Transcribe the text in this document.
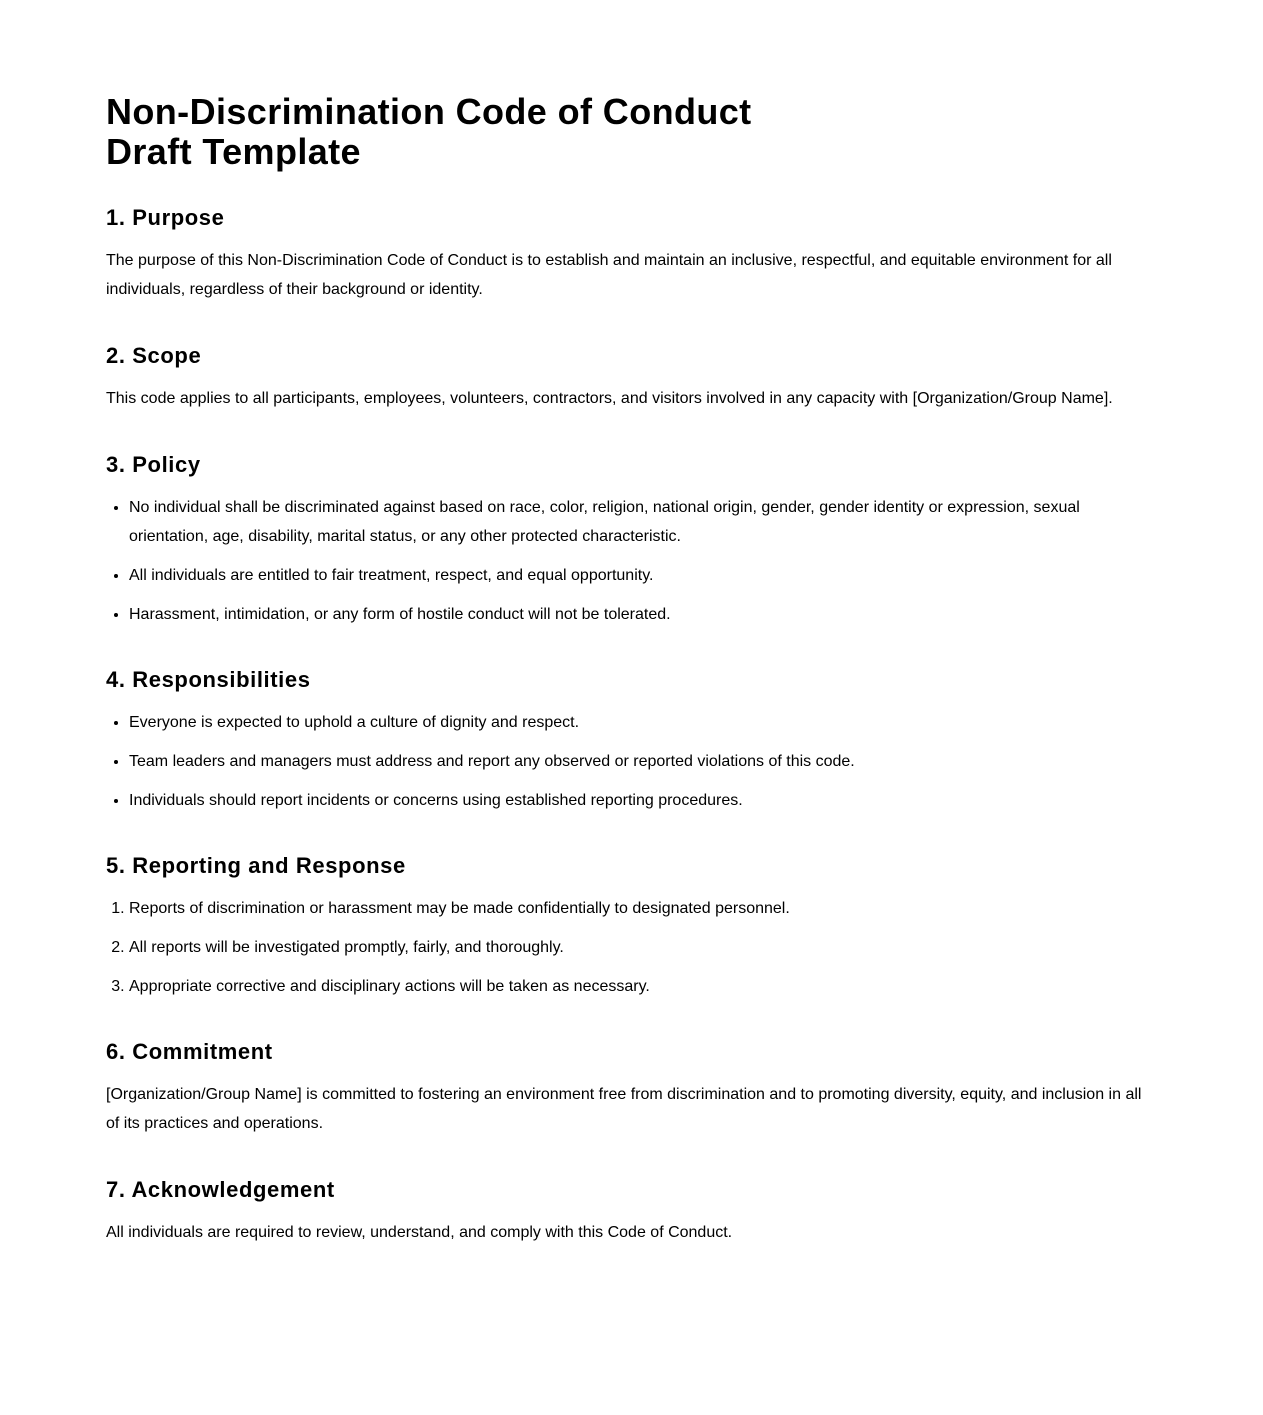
Non-Discrimination Code of Conduct
Draft Template
1. Purpose

The purpose of this Non-Discrimination Code of Conduct is to establish and maintain an inclusive, respectful, and equitable environment for all individuals, regardless of their background or identity.

2. Scope

This code applies to all participants, employees, volunteers, contractors, and visitors involved in any capacity with [Organization/Group Name].

3. Policy
• No individual shall be discriminated against based on race, color, religion, national origin, gender, gender identity or expression, sexual orientation, age, disability, marital status, or any other protected characteristic.
• All individuals are entitled to fair treatment, respect, and equal opportunity.
• Harassment, intimidation, or any form of hostile conduct will not be tolerated.
4. Responsibilities
• Everyone is expected to uphold a culture of dignity and respect.
• Team leaders and managers must address and report any observed or reported violations of this code.
• Individuals should report incidents or concerns using established reporting procedures.
5. Reporting and Response
1. Reports of discrimination or harassment may be made confidentially to designated personnel.
2. All reports will be investigated promptly, fairly, and thoroughly.
3. Appropriate corrective and disciplinary actions will be taken as necessary.
6. Commitment

[Organization/Group Name] is committed to fostering an environment free from discrimination and to promoting diversity, equity, and inclusion in all of its practices and operations.

7. Acknowledgement

All individuals are required to review, understand, and comply with this Code of Conduct.
